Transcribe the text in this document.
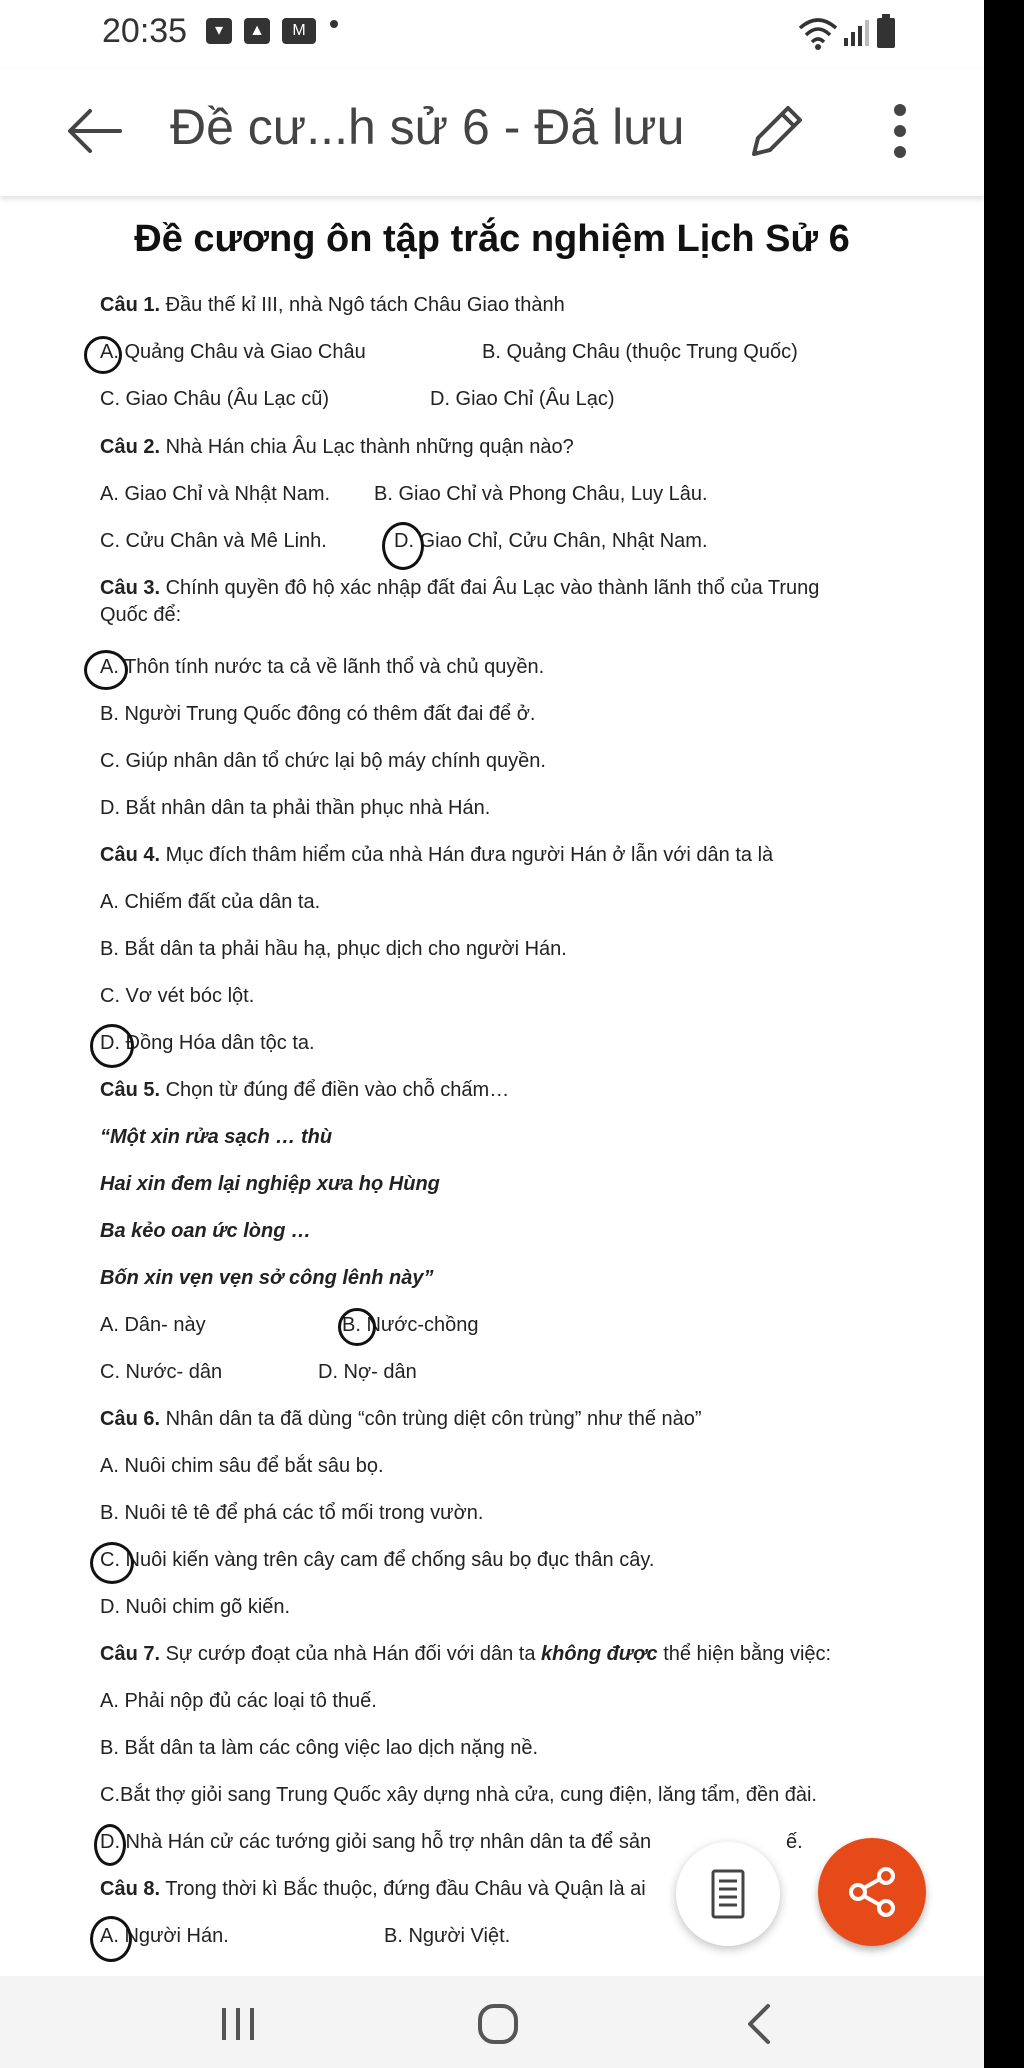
20:35	▾	▲	M
Đề cư...h sử 6 - Đã lưu
Đề cương ôn tập trắc nghiệm Lịch Sử 6
Câu 1. Đầu thế kỉ III, nhà Ngô tách Châu Giao thành
A. Quảng Châu và Giao Châu	B. Quảng Châu (thuộc Trung Quốc)
C. Giao Châu (Âu Lạc cũ)	D. Giao Chỉ (Âu Lạc)
Câu 2. Nhà Hán chia Âu Lạc thành những quận nào?
A. Giao Chỉ và Nhật Nam. B. Giao Chỉ và Phong Châu, Luy Lâu.
C. Cửu Chân và Mê Linh.	D. Giao Chỉ, Cửu Chân, Nhật Nam.
Câu 3. Chính quyền đô hộ xác nhập đất đai Âu Lạc vào thành lãnh thổ của Trung
Quốc để:
A. Thôn tính nước ta cả về lãnh thổ và chủ quyền.
B. Người Trung Quốc đông có thêm đất đai để ở.
C. Giúp nhân dân tổ chức lại bộ máy chính quyền.
D. Bắt nhân dân ta phải thần phục nhà Hán.
Câu 4. Mục đích thâm hiểm của nhà Hán đưa người Hán ở lẫn với dân ta là
A. Chiếm đất của dân ta.
B. Bắt dân ta phải hầu hạ, phục dịch cho người Hán.
C. Vơ vét bóc lột.
D. Đồng Hóa dân tộc ta.
Câu 5. Chọn từ đúng để điền vào chỗ chấm…
“Một xin rửa sạch … thù
Hai xin đem lại nghiệp xưa họ Hùng
Ba kẻo oan ức lòng …
Bốn xin vẹn vẹn sở công lênh này”
A. Dân- này	B. Nước-chồng
C. Nước- dân	D. Nợ- dân
Câu 6. Nhân dân ta đã dùng “côn trùng diệt côn trùng” như thế nào”
A. Nuôi chim sâu để bắt sâu bọ.
B. Nuôi tê tê để phá các tổ mối trong vườn.
C. Nuôi kiến vàng trên cây cam để chống sâu bọ đục thân cây.
D. Nuôi chim gõ kiến.
Câu 7. Sự cướp đoạt của nhà Hán đối với dân ta không được thể hiện bằng việc:
A. Phải nộp đủ các loại tô thuế.
B. Bắt dân ta làm các công việc lao dịch nặng nề.
C.Bắt thợ giỏi sang Trung Quốc xây dựng nhà cửa, cung điện, lăng tẩm, đền đài.
D. Nhà Hán cử các tướng giỏi sang hỗ trợ nhân dân ta để sản	ế.
Câu 8. Trong thời kì Bắc thuộc, đứng đầu Châu và Quận là ai
A. Người Hán.	B. Người Việt.
